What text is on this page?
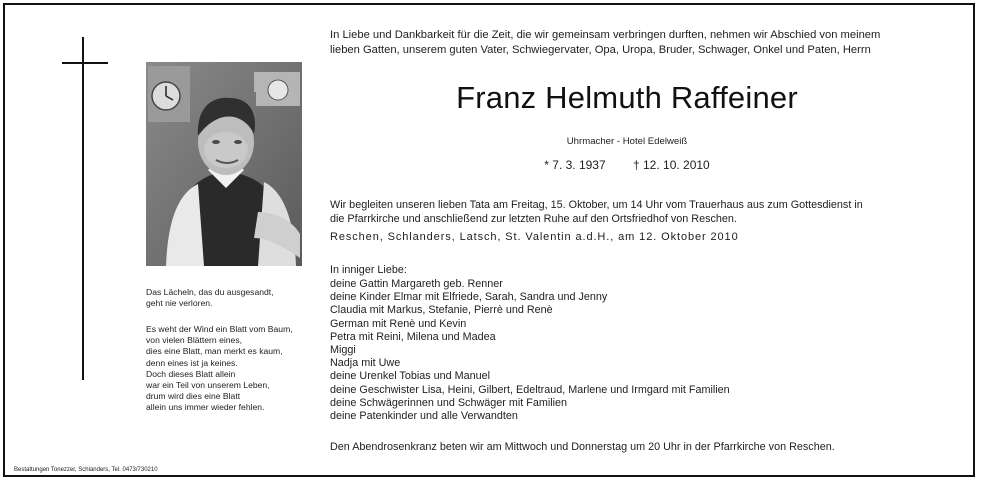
Das Lächeln, das du ausgesandt,
geht nie verloren.
Es weht der Wind ein Blatt vom Baum,
von vielen Blättern eines,
dies eine Blatt, man merkt es kaum,
denn eines ist ja keines.
Doch dieses Blatt allein
war ein Teil von unserem Leben,
drum wird dies eine Blatt
allein uns immer wieder fehlen.
Bestattungen Tonezzer, Schlanders, Tel. 0473/730210
In Liebe und Dankbarkeit für die Zeit, die wir gemeinsam verbringen durften, nehmen wir Abschied von meinem
lieben Gatten, unserem guten Vater, Schwiegervater, Opa, Uropa, Bruder, Schwager, Onkel und Paten, Herrn
Franz Helmuth Raffeiner
Uhrmacher - Hotel Edelweiß
* 7. 3. 1937 † 12. 10. 2010
Wir begleiten unseren lieben Tata am Freitag, 15. Oktober, um 14 Uhr vom Trauerhaus aus zum Gottesdienst in
die Pfarrkirche und anschließend zur letzten Ruhe auf den Ortsfriedhof von Reschen.
Reschen, Schlanders, Latsch, St. Valentin a.d.H., am 12. Oktober 2010
In inniger Liebe:
deine Gattin Margareth geb. Renner
deine Kinder Elmar mit Elfriede, Sarah, Sandra und Jenny
Claudia mit Markus, Stefanie, Pierrè und Renè
German mit Renè und Kevin
Petra mit Reini, Milena und Madea
Miggi
Nadja mit Uwe
deine Urenkel Tobias und Manuel
deine Geschwister Lisa, Heini, Gilbert, Edeltraud, Marlene und Irmgard mit Familien
deine Schwägerinnen und Schwäger mit Familien
deine Patenkinder und alle Verwandten
Den Abendrosenkranz beten wir am Mittwoch und Donnerstag um 20 Uhr in der Pfarrkirche von Reschen.
